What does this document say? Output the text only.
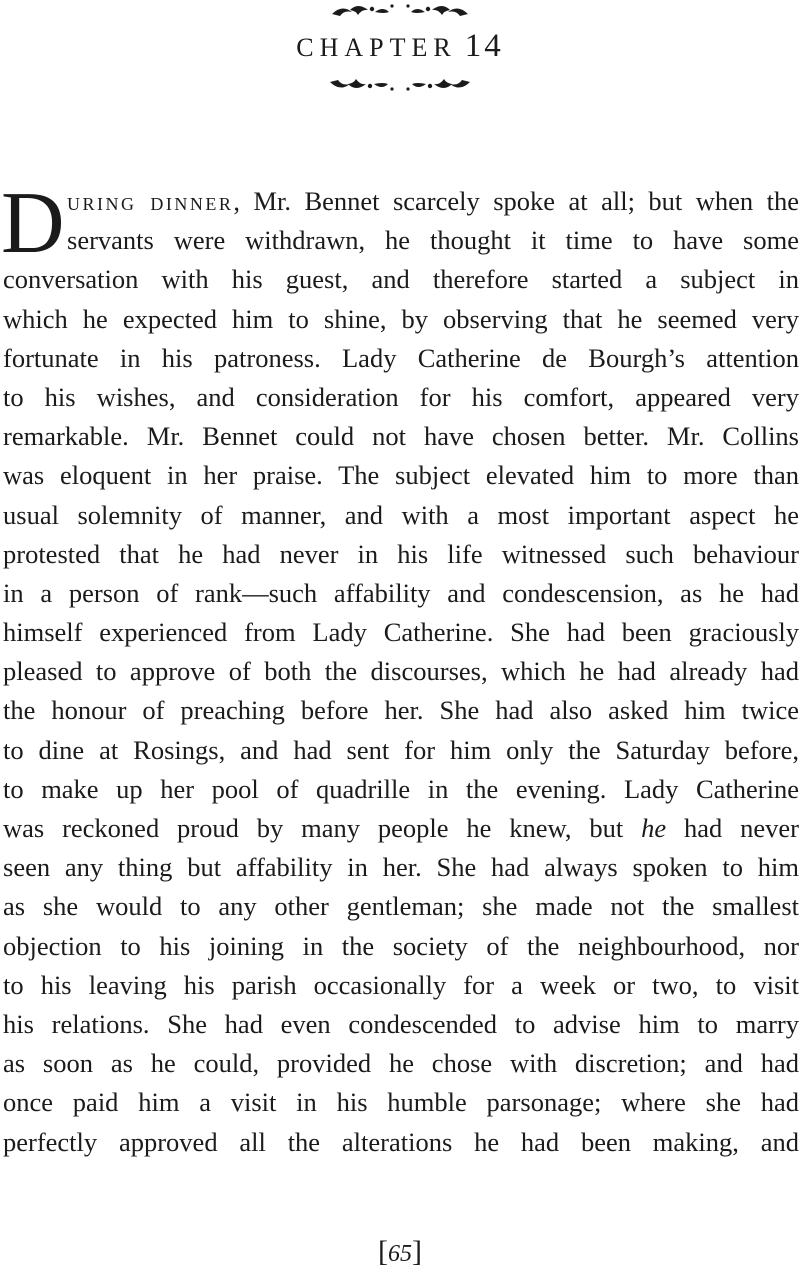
CHAPTER 14
D URING DINNER, Mr. Bennet scarcely spoke at all; but when the
servants were withdrawn, he thought it time to have some
conversation with his guest, and therefore started a subject in
which he expected him to shine, by observing that he seemed very
fortunate in his patroness. Lady Catherine de Bourgh’s attention
to his wishes, and consideration for his comfort, appeared very
remarkable. Mr. Bennet could not have chosen better. Mr. Collins
was eloquent in her praise. The subject elevated him to more than
usual solemnity of manner, and with a most important aspect he
protested that he had never in his life witnessed such behaviour
in a person of rank—such affability and condescension, as he had
himself experienced from Lady Catherine. She had been graciously
pleased to approve of both the discourses, which he had already had
the honour of preaching before her. She had also asked him twice
to dine at Rosings, and had sent for him only the Saturday before,
to make up her pool of quadrille in the evening. Lady Catherine
was reckoned proud by many people he knew, but he had never
seen any thing but affability in her. She had always spoken to him
as she would to any other gentleman; she made not the smallest
objection to his joining in the society of the neighbourhood, nor
to his leaving his parish occasionally for a week or two, to visit
his relations. She had even condescended to advise him to marry
as soon as he could, provided he chose with discretion; and had
once paid him a visit in his humble parsonage; where she had
perfectly approved all the alterations he had been making, and
[65]
